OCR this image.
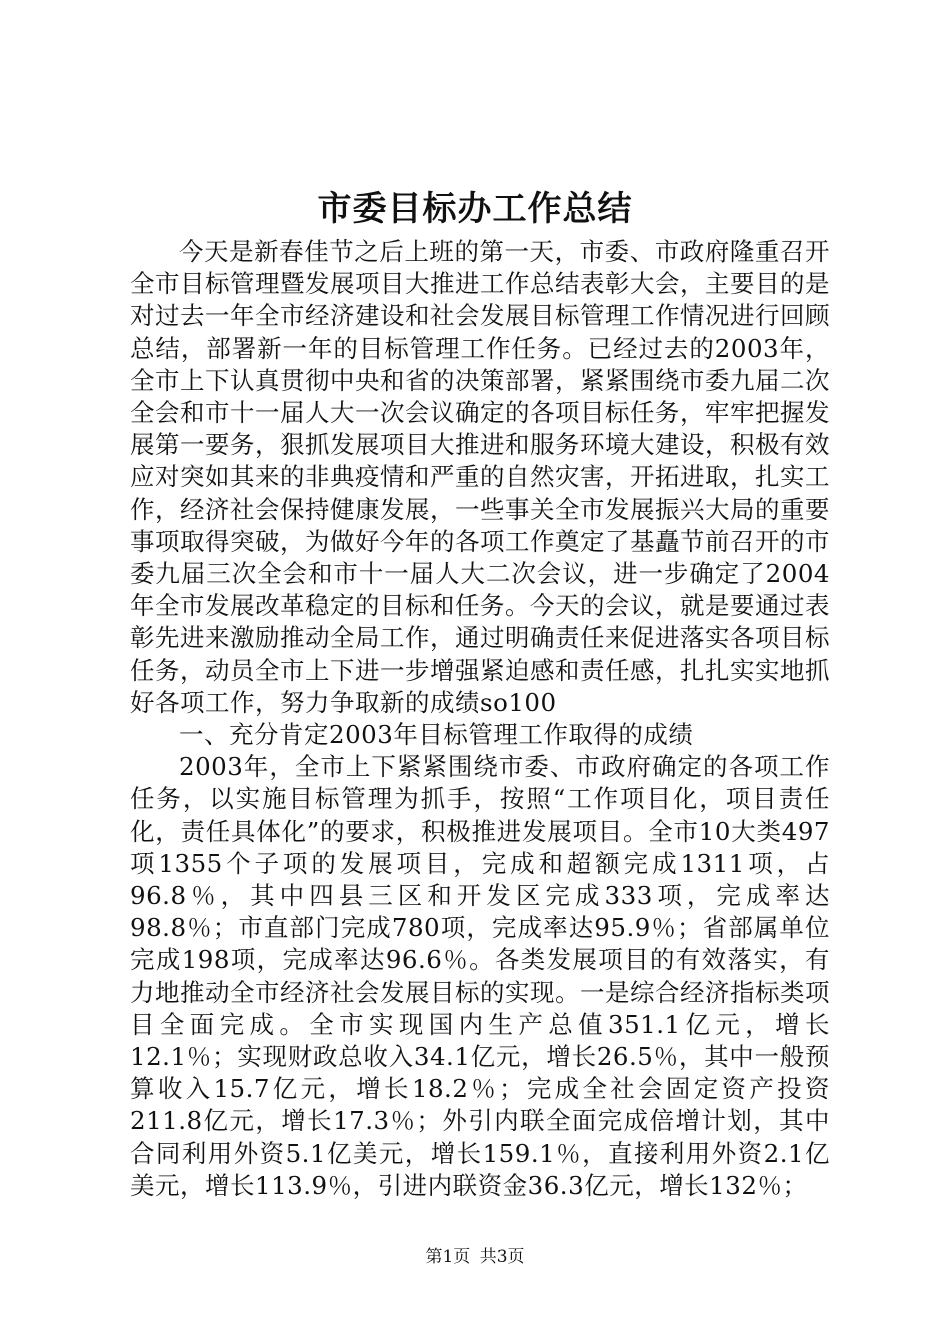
市委目标办工作总结

今天是新春佳节之后上班的第一天，市委、市政府隆重召开全市目标管理暨发展项目大推进工作总结表彰大会，主要目的是对过去一年全市经济建设和社会发展目标管理工作情况进行回顾总结，部署新一年的目标管理工作任务。已经过去的2003年，全市上下认真贯彻中央和省的决策部署，紧紧围绕市委九届二次全会和市十一届人大一次会议确定的各项目标任务，牢牢把握发展第一要务，狠抓发展项目大推进和服务环境大建设，积极有效应对突如其来的非典疫情和严重的自然灾害，开拓进取，扎实工作，经济社会保持健康发展，一些事关全市发展振兴大局的重要事项取得突破，为做好今年的各项工作奠定了基矗节前召开的市委九届三次全会和市十一届人大二次会议，进一步确定了2004年全市发展改革稳定的目标和任务。今天的会议，就是要通过表彰先进来激励推动全局工作，通过明确责任来促进落实各项目标任务，动员全市上下进一步增强紧迫感和责任感，扎扎实实地抓好各项工作，努力争取新的成绩so100

一、充分肯定2003年目标管理工作取得的成绩

2003年，全市上下紧紧围绕市委、市政府确定的各项工作任务，以实施目标管理为抓手，按照“工作项目化，项目责任化，责任具体化”的要求，积极推进发展项目。全市10大类497项1355个子项的发展项目，完成和超额完成1311项，占96.8％，其中四县三区和开发区完成333项，完成率达98.8％；市直部门完成780项，完成率达95.9％；省部属单位完成198项，完成率达96.6％。各类发展项目的有效落实，有力地推动全市经济社会发展目标的实现。一是综合经济指标类项目全面完成。全市实现国内生产总值351.1亿元，增长12.1％；实现财政总收入34.1亿元，增长26.5％，其中一般预算收入15.7亿元，增长18.2％；完成全社会固定资产投资211.8亿元，增长17.3％；外引内联全面完成倍增计划，其中合同利用外资5.1亿美元，增长159.1％，直接利用外资2.1亿美元，增长113.9％，引进内联资金36.3亿元，增长132％；

第1页 共3页
